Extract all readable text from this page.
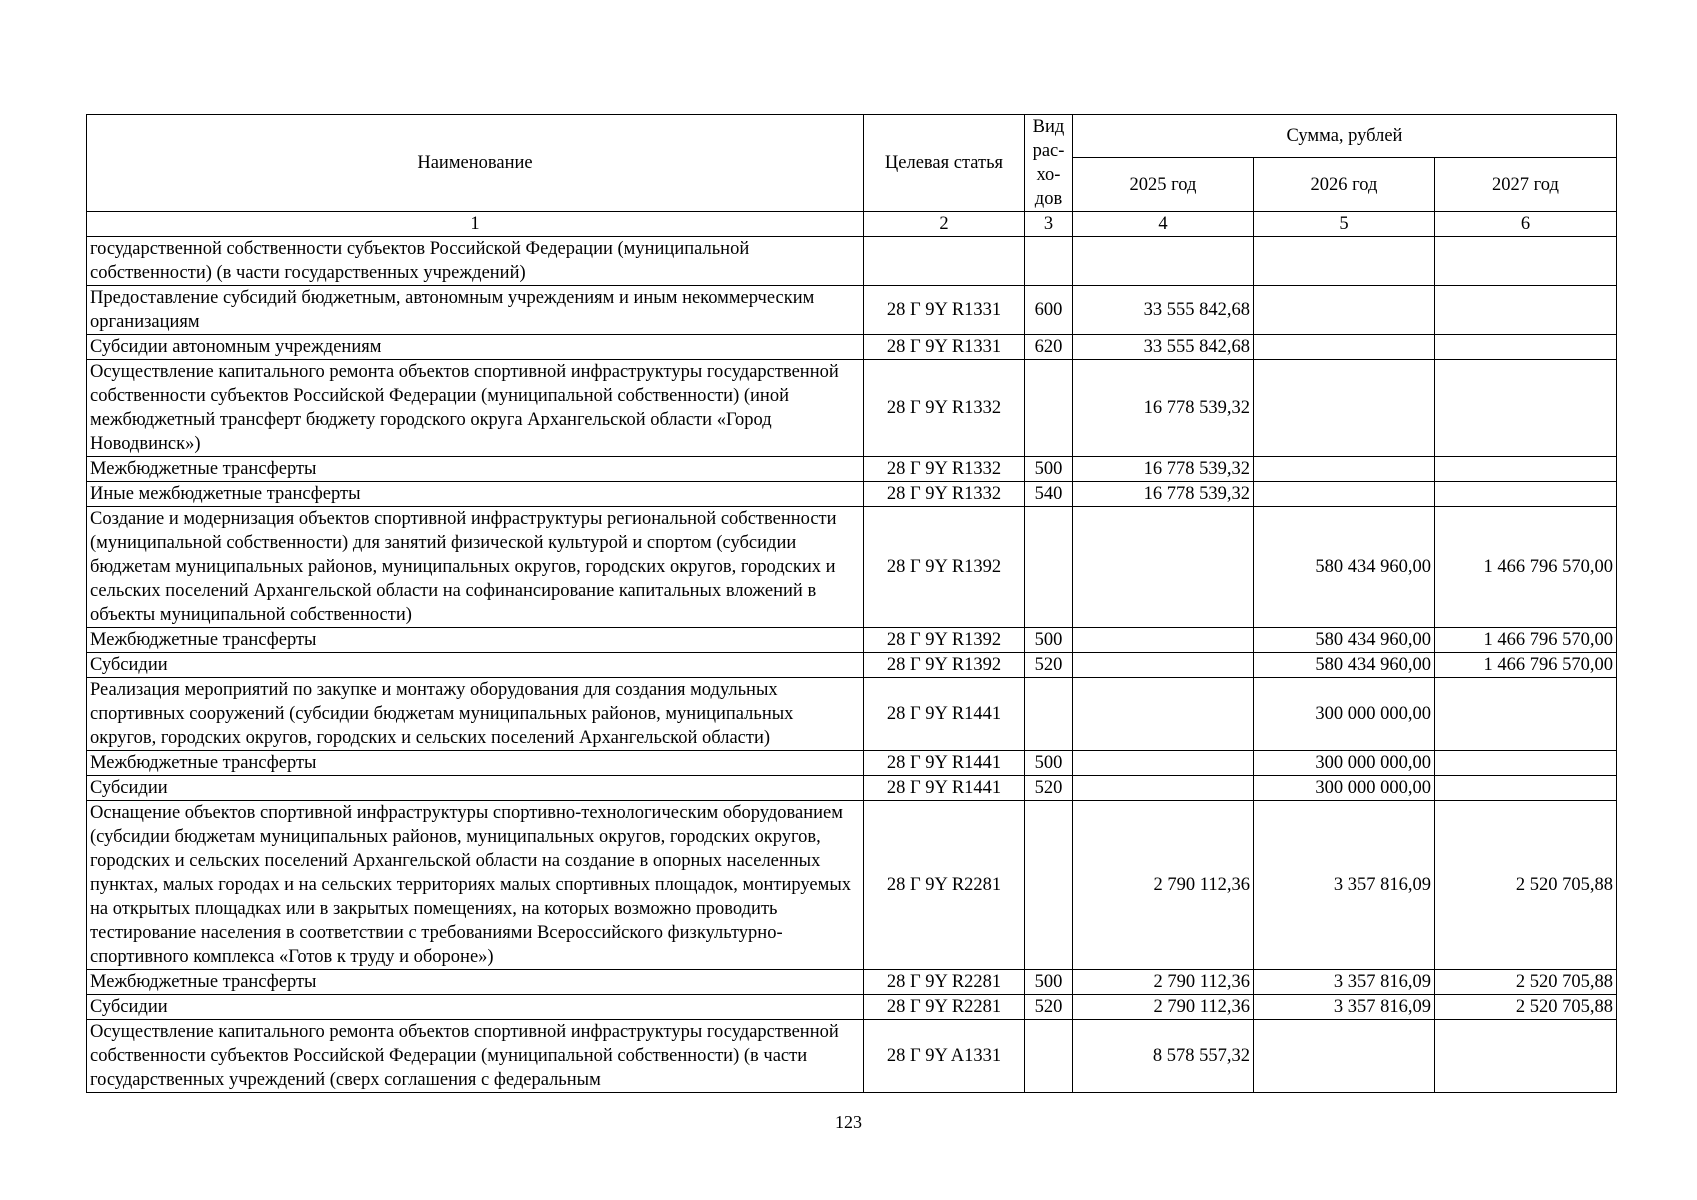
Наименование	Целевая статья	Вид рас-хо-дов	Сумма, рублей		
			2025 год	2026 год	2027 год
1	2	3	4	5	6
государственной собственности субъектов Российской Федерации (муниципальной собственности) (в части государственных учреждений)					
Предоставление субсидий бюджетным, автономным учреждениям и иным некоммерческим организациям	28 Г 9Y R1331	600	33 555 842,68		
Субсидии автономным учреждениям	28 Г 9Y R1331	620	33 555 842,68		
Осуществление капитального ремонта объектов спортивной инфраструктуры государственной собственности субъектов Российской Федерации (муниципальной собственности) (иной межбюджетный трансферт бюджету городского округа Архангельской области «Город Новодвинск»)	28 Г 9Y R1332		16 778 539,32		
Межбюджетные трансферты	28 Г 9Y R1332	500	16 778 539,32		
Иные межбюджетные трансферты	28 Г 9Y R1332	540	16 778 539,32		
Создание и модернизация объектов спортивной инфраструктуры региональной собственности (муниципальной собственности) для занятий физической культурой и спортом (субсидии бюджетам муниципальных районов, муниципальных округов, городских округов, городских и сельских поселений Архангельской области на софинансирование капитальных вложений в объекты муниципальной собственности)	28 Г 9Y R1392			580 434 960,00	1 466 796 570,00
Межбюджетные трансферты	28 Г 9Y R1392	500		580 434 960,00	1 466 796 570,00
Субсидии	28 Г 9Y R1392	520		580 434 960,00	1 466 796 570,00
Реализация мероприятий по закупке и монтажу оборудования для создания модульных спортивных сооружений (субсидии бюджетам муниципальных районов, муниципальных округов, городских округов, городских и сельских поселений Архангельской области)	28 Г 9Y R1441			300 000 000,00	
Межбюджетные трансферты	28 Г 9Y R1441	500		300 000 000,00	
Субсидии	28 Г 9Y R1441	520		300 000 000,00	
Оснащение объектов спортивной инфраструктуры спортивно-технологическим оборудованием (субсидии бюджетам муниципальных районов, муниципальных округов, городских округов, городских и сельских поселений Архангельской области на создание в опорных населенных пунктах, малых городах и на сельских территориях малых спортивных площадок, монтируемых на открытых площадках или в закрытых помещениях, на которых возможно проводить тестирование населения в соответствии с требованиями Всероссийского физкультурно-спортивного комплекса «Готов к труду и обороне»)	28 Г 9Y R2281		2 790 112,36	3 357 816,09	2 520 705,88
Межбюджетные трансферты	28 Г 9Y R2281	500	2 790 112,36	3 357 816,09	2 520 705,88
Субсидии	28 Г 9Y R2281	520	2 790 112,36	3 357 816,09	2 520 705,88
Осуществление капитального ремонта объектов спортивной инфраструктуры государственной собственности субъектов Российской Федерации (муниципальной собственности) (в части государственных учреждений (сверх соглашения с федеральным	28 Г 9Y A1331		8 578 557,32		
123
